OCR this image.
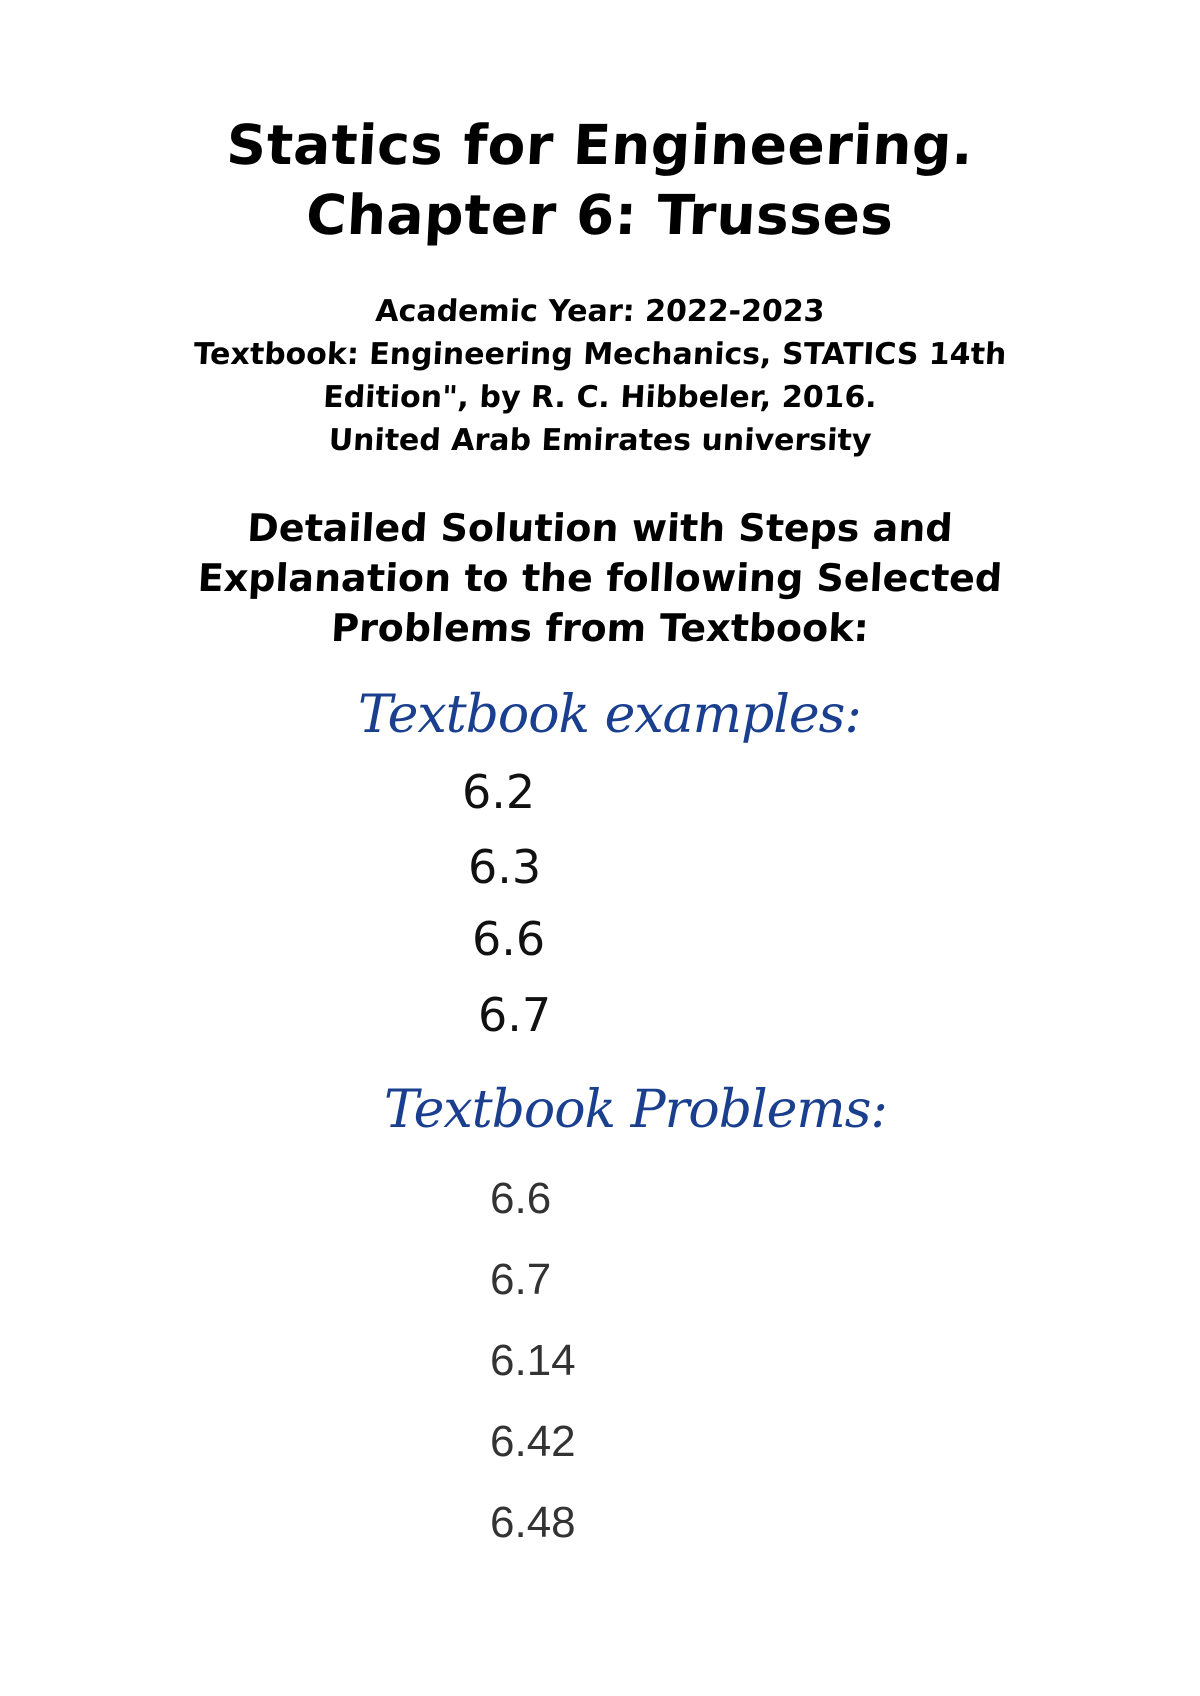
Statics for Engineering.
Chapter 6: Trusses
Academic Year: 2022-2023
Textbook: Engineering Mechanics, STATICS 14th
Edition", by R. C. Hibbeler, 2016.
United Arab Emirates university
Detailed Solution with Steps and
Explanation to the following Selected
Problems from Textbook:
Textbook examples:
6.2
6.3
6.6
6.7
Textbook Problems:
6.6
6.7
6.14
6.42
6.48
